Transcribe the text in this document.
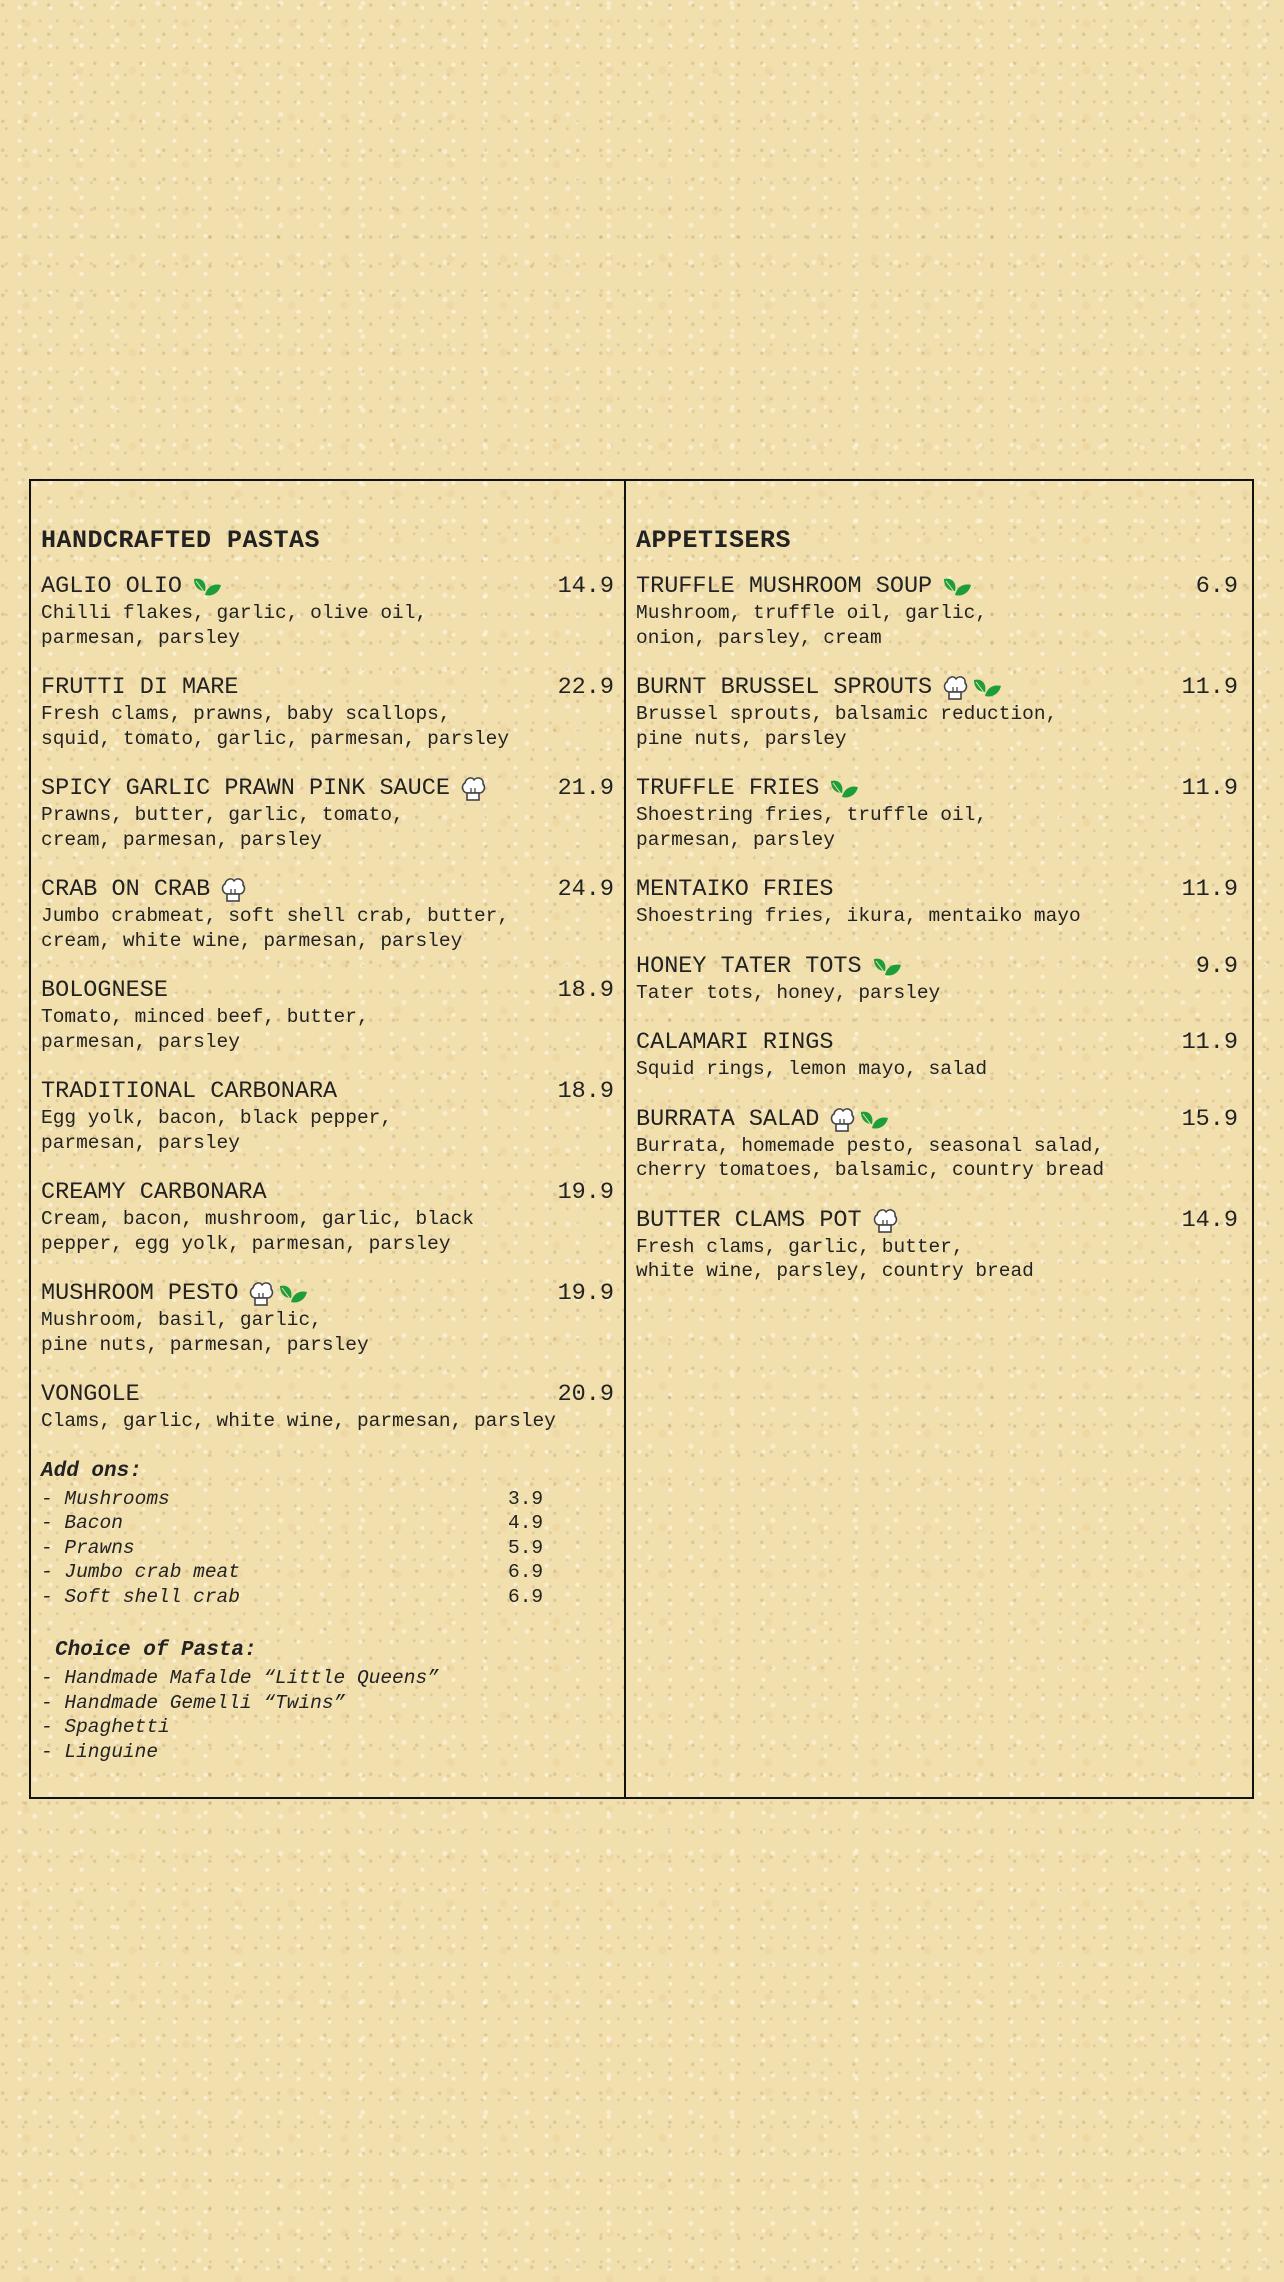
HANDCRAFTED PASTAS
AGLIO OLIO	14.9
Chilli flakes, garlic, olive oil,
parmesan, parsley
FRUTTI DI MARE	22.9
Fresh clams, prawns, baby scallops,
squid, tomato, garlic, parmesan, parsley
SPICY GARLIC PRAWN PINK SAUCE	21.9
Prawns, butter, garlic, tomato,
cream, parmesan, parsley
CRAB ON CRAB	24.9
Jumbo crabmeat, soft shell crab, butter,
cream, white wine, parmesan, parsley
BOLOGNESE	18.9
Tomato, minced beef, butter,
parmesan, parsley
TRADITIONAL CARBONARA	18.9
Egg yolk, bacon, black pepper,
parmesan, parsley
CREAMY CARBONARA	19.9
Cream, bacon, mushroom, garlic, black
pepper, egg yolk, parmesan, parsley
MUSHROOM PESTO	19.9
Mushroom, basil, garlic,
pine nuts, parmesan, parsley
VONGOLE	20.9
Clams, garlic, white wine, parmesan, parsley
Add ons:
- Mushrooms	3.9
- Bacon	4.9
- Prawns	5.9
- Jumbo crab meat	6.9
- Soft shell crab	6.9
Choice of Pasta:
- Handmade Mafalde “Little Queens”
- Handmade Gemelli “Twins”
- Spaghetti
- Linguine
APPETISERS
TRUFFLE MUSHROOM SOUP	6.9
Mushroom, truffle oil, garlic,
onion, parsley, cream
BURNT BRUSSEL SPROUTS	11.9
Brussel sprouts, balsamic reduction,
pine nuts, parsley
TRUFFLE FRIES	11.9
Shoestring fries, truffle oil,
parmesan, parsley
MENTAIKO FRIES	11.9
Shoestring fries, ikura, mentaiko mayo
HONEY TATER TOTS	9.9
Tater tots, honey, parsley
CALAMARI RINGS	11.9
Squid rings, lemon mayo, salad
BURRATA SALAD	15.9
Burrata, homemade pesto, seasonal salad,
cherry tomatoes, balsamic, country bread
BUTTER CLAMS POT	14.9
Fresh clams, garlic, butter,
white wine, parsley, country bread
